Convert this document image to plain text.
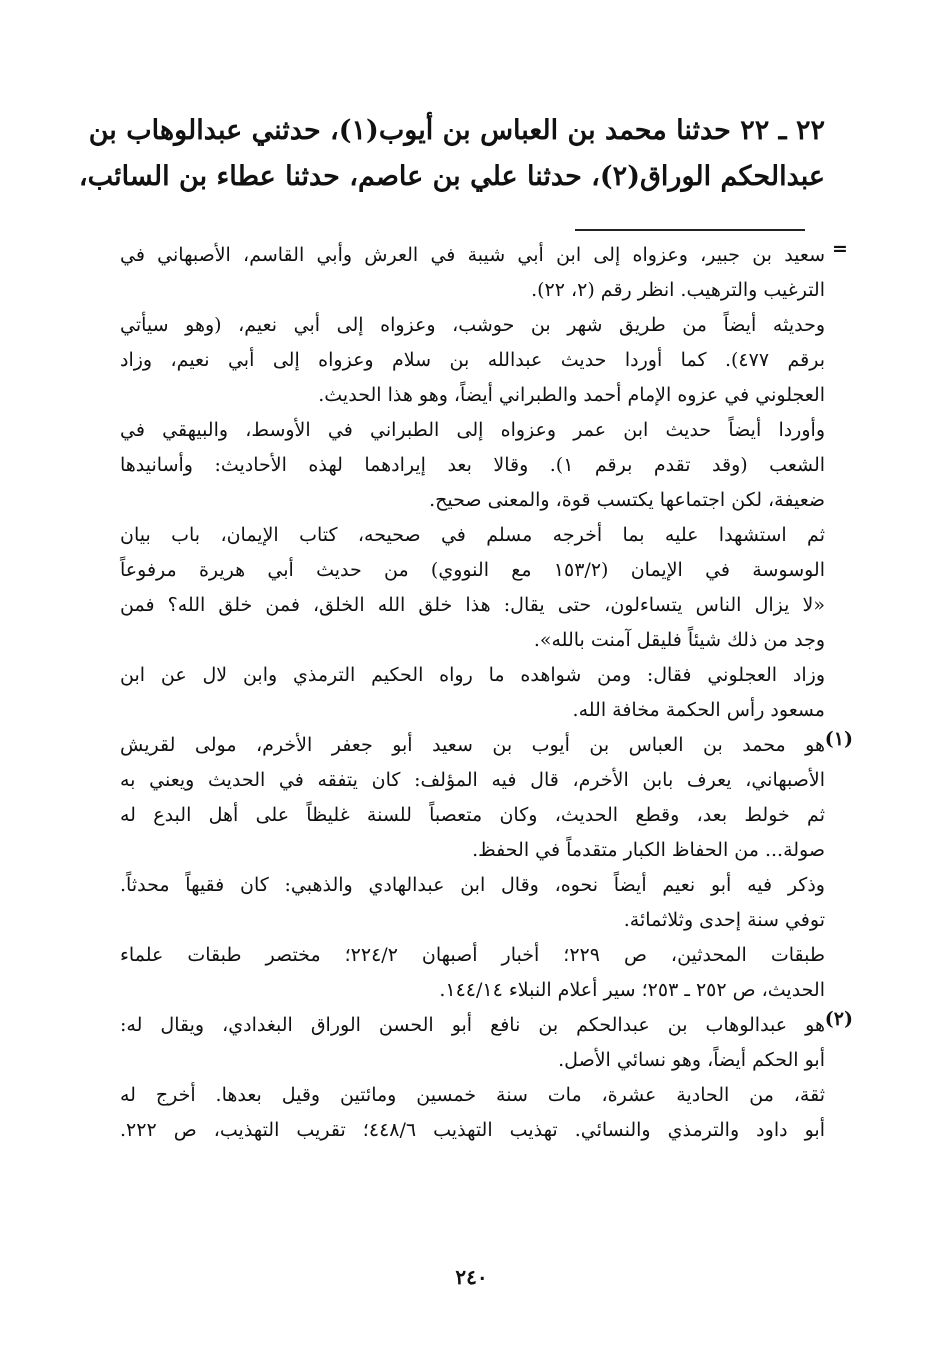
٢٢ ـ ٢٢ حدثنا محمد بن العباس بن أيوب(١)، حدثني عبدالوهاب بن
عبدالحكم الوراق(٢)، حدثنا علي بن عاصم، حدثنا عطاء بن السائب،
=
سعيد بن جبير، وعزواه إلى ابن أبي شيبة في العرش وأبي القاسم، الأصبهاني في
الترغيب والترهيب. انظر رقم (٢، ٢٢).
وحديثه أيضاً من طريق شهر بن حوشب، وعزواه إلى أبي نعيم، (وهو سيأتي
برقم ٤٧٧). كما أوردا حديث عبدالله بن سلام وعزواه إلى أبي نعيم، وزاد
العجلوني في عزوه الإمام أحمد والطبراني أيضاً، وهو هذا الحديث.
وأوردا أيضاً حديث ابن عمر وعزواه إلى الطبراني في الأوسط، والبيهقي في
الشعب (وقد تقدم برقم ١). وقالا بعد إيرادهما لهذه الأحاديث: وأسانيدها
ضعيفة، لكن اجتماعها يكتسب قوة، والمعنى صحيح.
ثم استشهدا عليه بما أخرجه مسلم في صحيحه، كتاب الإيمان، باب بيان
الوسوسة في الإيمان (١٥٣/٢ مع النووي) من حديث أبي هريرة مرفوعاً
«لا يزال الناس يتساءلون، حتى يقال: هذا خلق الله الخلق، فمن خلق الله؟ فمن
وجد من ذلك شيئاً فليقل آمنت بالله».
وزاد العجلوني فقال: ومن شواهده ما رواه الحكيم الترمذي وابن لال عن ابن
مسعود رأس الحكمة مخافة الله.
(١)
هو محمد بن العباس بن أيوب بن سعيد أبو جعفر الأخرم، مولى لقريش
الأصبهاني، يعرف بابن الأخرم، قال فيه المؤلف: كان يتفقه في الحديث ويعني به
ثم خولط بعد، وقطع الحديث، وكان متعصباً للسنة غليظاً على أهل البدع له
صولة... من الحفاظ الكبار متقدماً في الحفظ.
وذكر فيه أبو نعيم أيضاً نحوه، وقال ابن عبدالهادي والذهبي: كان فقيهاً محدثاً.
توفي سنة إحدى وثلاثمائة.
طبقات المحدثين، ص ٢٢٩؛ أخبار أصبهان ٢٢٤/٢؛ مختصر طبقات علماء
الحديث، ص ٢٥٢ ـ ٢٥٣؛ سير أعلام النبلاء ١٤٤/١٤.
(٢)
هو عبدالوهاب بن عبدالحكم بن نافع أبو الحسن الوراق البغدادي، ويقال له:
أبو الحكم أيضاً، وهو نسائي الأصل.
ثقة، من الحادية عشرة، مات سنة خمسين ومائتين وقيل بعدها. أخرج له
أبو داود والترمذي والنسائي. تهذيب التهذيب ٤٤٨/٦؛ تقريب التهذيب، ص ٢٢٢.
٢٤٠
